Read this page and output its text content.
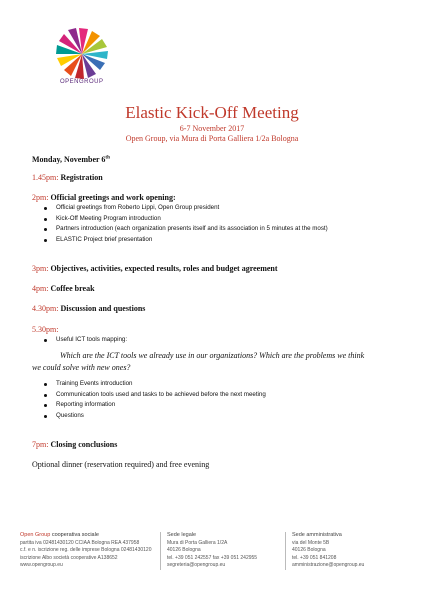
OPENGROUP
Elastic Kick-Off Meeting
6-7 November 2017
Open Group, via Mura di Porta Galliera 1/2a Bologna
Monday, November 6th
1.45pm: Registration
2pm: Official greetings and work opening:
Official greetings from Roberto Lippi, Open Group president
Kick-Off Meeting Program introduction
Partners introduction (each organization presents itself and its association in 5 minutes at the most)
ELASTIC Project brief presentation
3pm: Objectives, activities, expected results, roles and budget agreement
4pm: Coffee break
4.30pm: Discussion and questions
5.30pm:
Useful ICT tools mapping:
Which are the ICT tools we already use in our organizations? Which are the problems we think
we could solve with new ones?
Training Events introduction
Communication tools used and tasks to be achieved before the next meeting
Reporting information
Questions
7pm: Closing conclusions
Optional dinner (reservation required) and free evening
Open Group cooperativa sociale
partita iva 02481430120 CCIAA Bologna REA 437958
c.f. e n. iscrizione reg. delle imprese Bologna 02481430120
iscrizione Albo società cooperative A138652
www.opengroup.eu
Sede legale
Mura di Porta Galliera 1/2A
40126 Bologna
tel. +39 051 242557 fax +39 051 242955
segreteria@opengroup.eu
Sede amministrativa
via del Monte 5B
40126 Bologna
tel. +39 051 841208
amministrazione@opengroup.eu
